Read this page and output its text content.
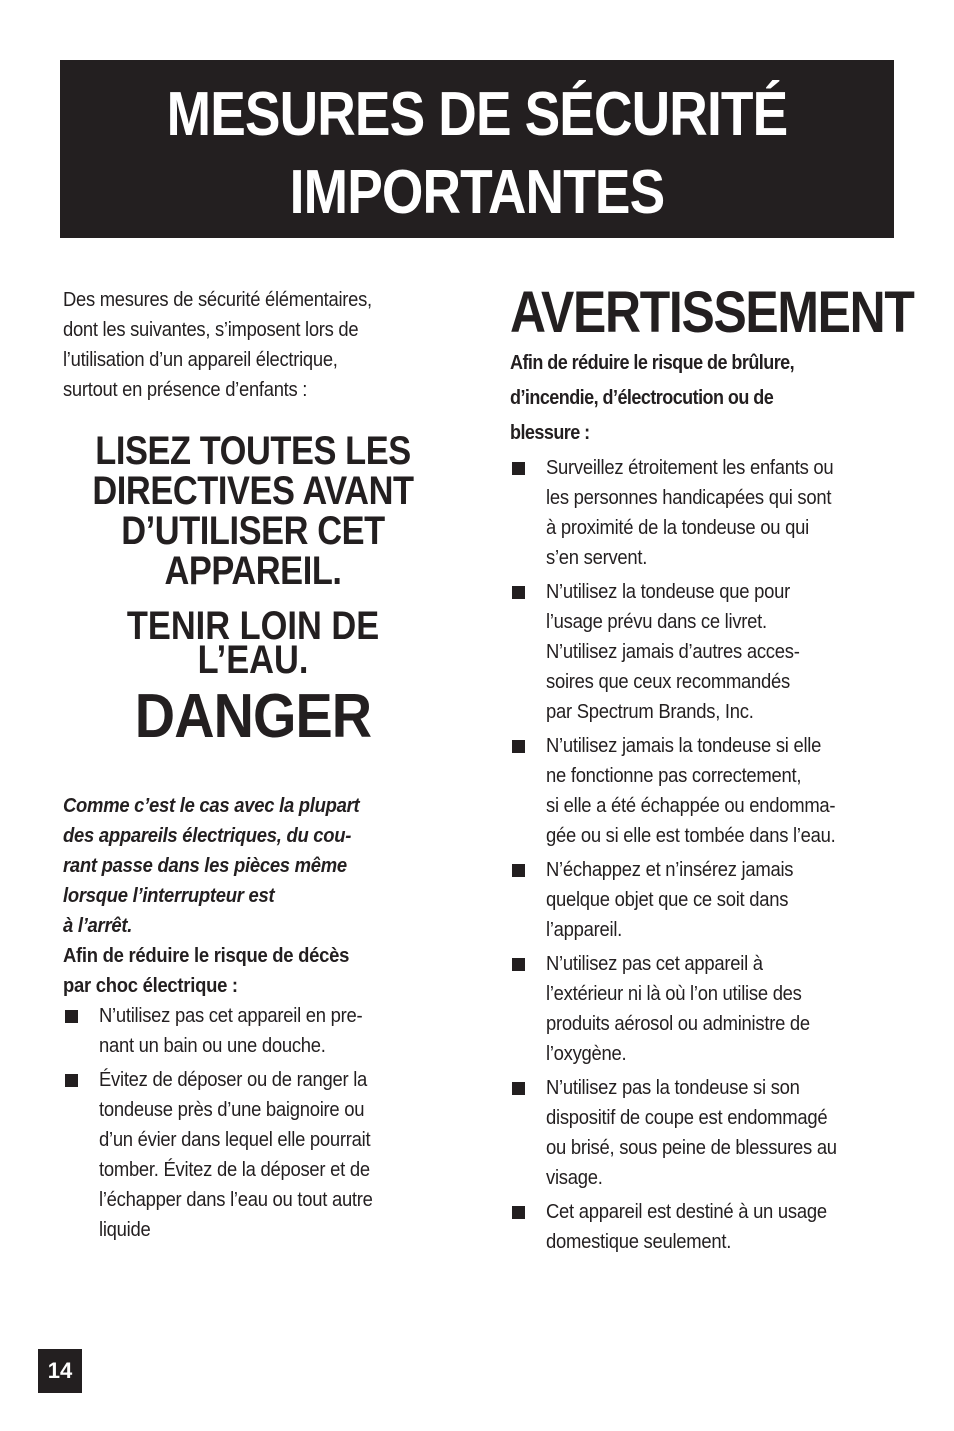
MESURES DE SÉCURITÉ
IMPORTANTES

Des mesures de sécurité élémentaires,
dont les suivantes, s’imposent lors de
l’utilisation d’un appareil électrique,
surtout en présence d’enfants :

LISEZ TOUTES LES
DIRECTIVES AVANT
D’UTILISER CET
APPAREIL.
TENIR LOIN DE
L’EAU.
DANGER
Comme c’est le cas avec la plupart
des appareils électriques, du cou-
rant passe dans les pièces même
lorsque l’interrupteur est
à l’arrêt.
Afin de réduire le risque de décès
par choc électrique :
N’utilisez pas cet appareil en pre-
nant un bain ou une douche.
Évitez de déposer ou de ranger la
tondeuse près d’une baignoire ou
d’un évier dans lequel elle pourrait
tomber. Évitez de la déposer et de
l’échapper dans l’eau ou tout autre
liquide
AVERTISSEMENT
Afin de réduire le risque de brûlure,
d’incendie, d’électrocution ou de
blessure :
Surveillez étroitement les enfants ou
les personnes handicapées qui sont
à proximité de la tondeuse ou qui
s’en servent.
N’utilisez la tondeuse que pour
l’usage prévu dans ce livret.
N’utilisez jamais d’autres acces-
soires que ceux recommandés
par Spectrum Brands, Inc.
N’utilisez jamais la tondeuse si elle
ne fonctionne pas correctement,
si elle a été échappée ou endomma-
gée ou si elle est tombée dans l’eau.
N’échappez et n’insérez jamais
quelque objet que ce soit dans
l’appareil.
N’utilisez pas cet appareil à
l’extérieur ni là où l’on utilise des
produits aérosol ou administre de
l’oxygène.
N’utilisez pas la tondeuse si son
dispositif de coupe est endommagé
ou brisé, sous peine de blessures au
visage.
Cet appareil est destiné à un usage
domestique seulement.
14
